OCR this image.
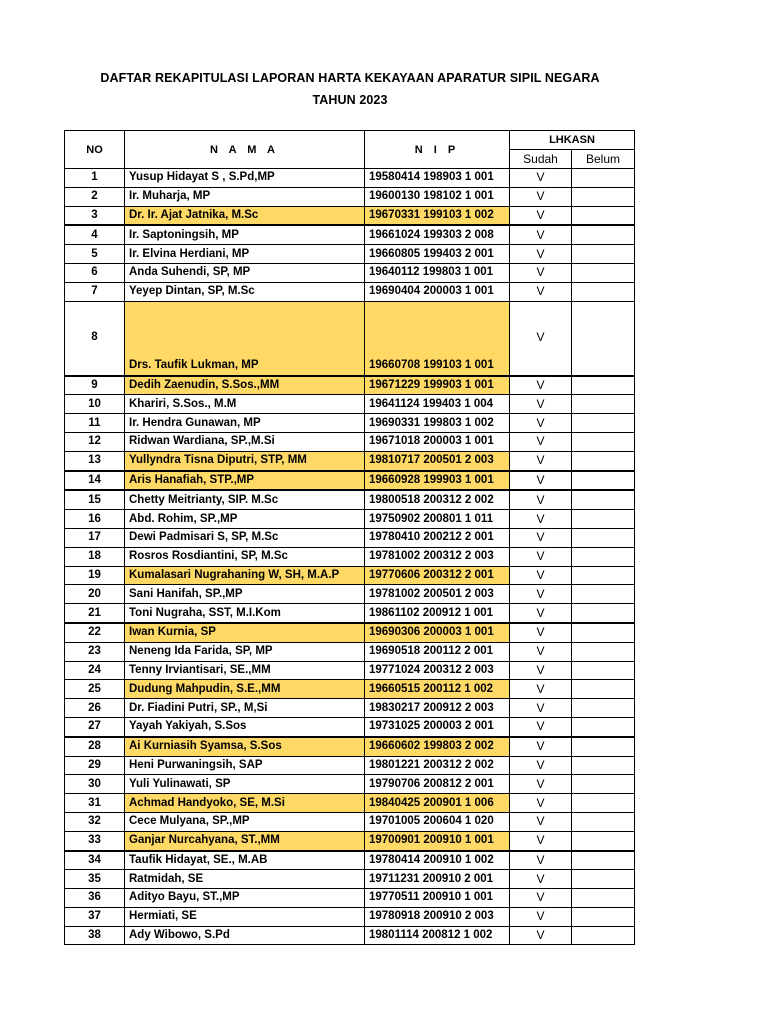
DAFTAR REKAPITULASI LAPORAN HARTA KEKAYAAN APARATUR SIPIL NEGARA
TAHUN 2023
NO	N A M A	N I P	LHKASN	
			Sudah	Belum
1	Yusup Hidayat S , S.Pd,MP	19580414 198903 1 001	V	
2	Ir. Muharja, MP	19600130 198102 1 001	V	
3	Dr. Ir. Ajat Jatnika, M.Sc	19670331 199103 1 002	V	
4	Ir. Saptoningsih, MP	19661024 199303 2 008	V	
5	Ir. Elvina Herdiani, MP	19660805 199403 2 001	V	
6	Anda Suhendi, SP, MP	19640112 199803 1 001	V	
7	Yeyep Dintan, SP, M.Sc	19690404 200003 1 001	V	
8	Drs. Taufik Lukman, MP	19660708 199103 1 001	V	
9	Dedih Zaenudin, S.Sos.,MM	19671229 199903 1 001	V	
10	Khariri, S.Sos., M.M	19641124 199403 1 004	V	
11	Ir. Hendra Gunawan, MP	19690331 199803 1 002	V	
12	Ridwan Wardiana, SP.,M.Si	19671018 200003 1 001	V	
13	Yullyndra Tisna Diputri, STP, MM	19810717 200501 2 003	V	
14	Aris Hanafiah, STP.,MP	19660928 199903 1 001	V	
15	Chetty Meitrianty, SIP. M.Sc	19800518 200312 2 002	V	
16	Abd. Rohim, SP.,MP	19750902 200801 1 011	V	
17	Dewi Padmisari S, SP, M.Sc	19780410 200212 2 001	V	
18	Rosros Rosdiantini, SP, M.Sc	19781002 200312 2 003	V	
19	Kumalasari Nugrahaning W, SH, M.A.P	19770606 200312 2 001	V	
20	Sani Hanifah, SP.,MP	19781002 200501 2 003	V	
21	Toni Nugraha, SST, M.I.Kom	19861102 200912 1 001	V	
22	Iwan Kurnia, SP	19690306 200003 1 001	V	
23	Neneng Ida Farida, SP, MP	19690518 200112 2 001	V	
24	Tenny Irviantisari, SE.,MM	19771024 200312 2 003	V	
25	Dudung Mahpudin, S.E.,MM	19660515 200112 1 002	V	
26	Dr. Fiadini Putri, SP., M,Si	19830217 200912 2 003	V	
27	Yayah Yakiyah, S.Sos	19731025 200003 2 001	V	
28	Ai Kurniasih Syamsa, S.Sos	19660602 199803 2 002	V	
29	Heni Purwaningsih, SAP	19801221 200312 2 002	V	
30	Yuli Yulinawati, SP	19790706 200812 2 001	V	
31	Achmad Handyoko, SE, M.Si	19840425 200901 1 006	V	
32	Cece Mulyana, SP.,MP	19701005 200604 1 020	V	
33	Ganjar Nurcahyana, ST.,MM	19700901 200910 1 001	V	
34	Taufik Hidayat, SE., M.AB	19780414 200910 1 002	V	
35	Ratmidah, SE	19711231 200910 2 001	V	
36	Adityo Bayu, ST.,MP	19770511 200910 1 001	V	
37	Hermiati, SE	19780918 200910 2 003	V	
38	Ady Wibowo, S.Pd	19801114 200812 1 002	V	
